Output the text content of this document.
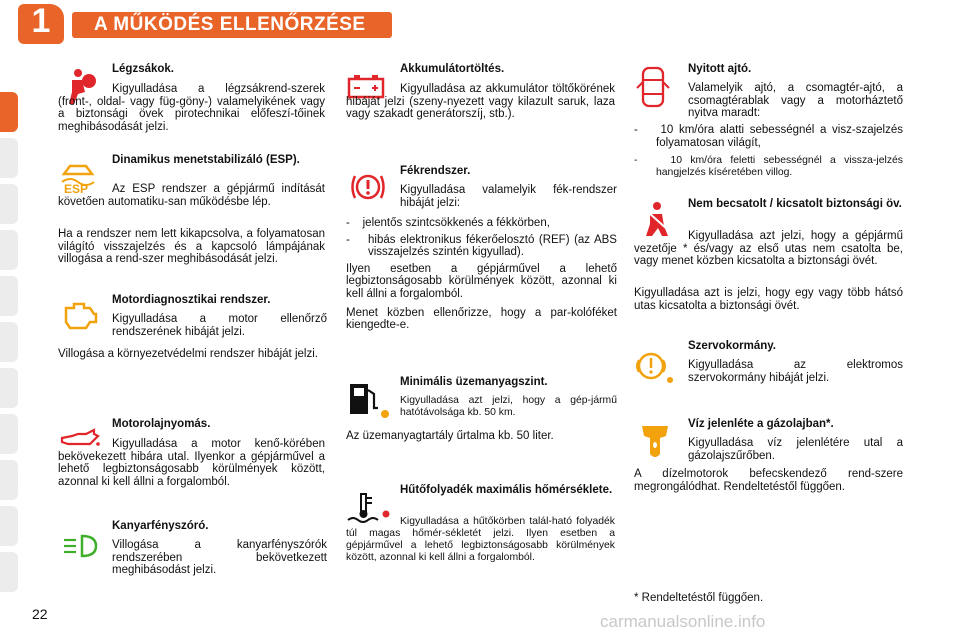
1	A MŰKÖDÉS ELLENŐRZÉSE

Légzsákok.

Kigyulladása a légzsákrend-szerek (front-, oldal- vagy füg-göny-) valamelyikének vagy a biztonsági övek pirotechnikai előfeszí-tőinek meghibásodását jelzi.
ESP

Dinamikus menetstabilizáló (ESP).

Az ESP rendszer a gépjármű indítását követően automatiku-san működésbe lép.
Ha a rendszer nem lett kikapcsolva, a folyamatosan világító visszajelzés és a kapcsoló lámpájának villogása a rend-szer meghibásodását jelzi.

Motordiagnosztikai rendszer.

Kigyulladása a motor ellenőrző rendszerének hibáját jelzi.

Villogása a környezetvédelmi rendszer hibáját jelzi.

Motorolajnyomás.

Kigyulladása a motor kenő-körében bekövekezett hibára utal. Ilyenkor a gépjárművel a lehető legbiztonságosabb körülmények között, azonnal ki kell állni a forgalomból.

Kanyarfényszóró.

Villogása a kanyarfényszórók rendszerében bekövetkezett meghibásodást jelzi.

Akkumulátortöltés.

Kigyulladása az akkumulátor töltőkörének hibáját jelzi (szeny-nyezett vagy kilazult saruk, laza vagy szakadt generátorszíj, stb.).

Fékrendszer.

Kigyulladása valamelyik fék-rendszer hibáját jelzi:

-    jelentős szintcsökkenés a fékkörben,
-    hibás elektronikus fékerőelosztó (REF) (az ABS visszajelzés szintén kigyullad).

Ilyen esetben a gépjárművel a lehető legbiztonságosabb körülmények között, azonnal ki kell állni a forgalomból.

Menet közben ellenőrizze, hogy a par-kolóféket kiengedte-e.

Minimális üzemanyagszint.

Kigyulladása azt jelzi, hogy a gép-jármű hatótávolsága kb. 50 km.

Az üzemanyagtartály űrtalma kb. 50 liter.

Hűtőfolyadék maximális hőmérséklete.

Kigyulladása a hűtőkörben talál-ható folyadék túl magas hőmér-sékletét jelzi. Ilyen esetben a gépjárművel a lehető legbiztonságosabb körülmények között, azonnal ki kell állni a forgalomból.

Nyitott ajtó.

Valamelyik ajtó, a csomagtér-ajtó, a csomagtérablak vagy a motorháztető nyitva maradt:

-    10 km/óra alatti sebességnél a visz-szajelzés folyamatosan világít,
-    10 km/óra feletti sebességnél a vissza-jelzés hangjelzés kíséretében villog.

Nem becsatolt / kicsatolt biztonsági öv.

Kigyulladása azt jelzi, hogy a gépjármű vezetője * és/vagy az első utas nem csatolta be, vagy menet közben kicsatolta a biztonsági övét.
Kigyulladása azt is jelzi, hogy egy vagy több hátsó utas kicsatolta a biztonsági övét.

Szervokormány.

Kigyulladása az elektromos szervokormány hibáját jelzi.

Víz jelenléte a gázolajban*.

Kigyulladása víz jelenlétére utal a gázolajszűrőben.

A dízelmotorok befecskendező rend-szere megrongálódhat. Rendeltetéstől függően.
* Rendeltetéstől függően.
22	carmanualsonline.info
